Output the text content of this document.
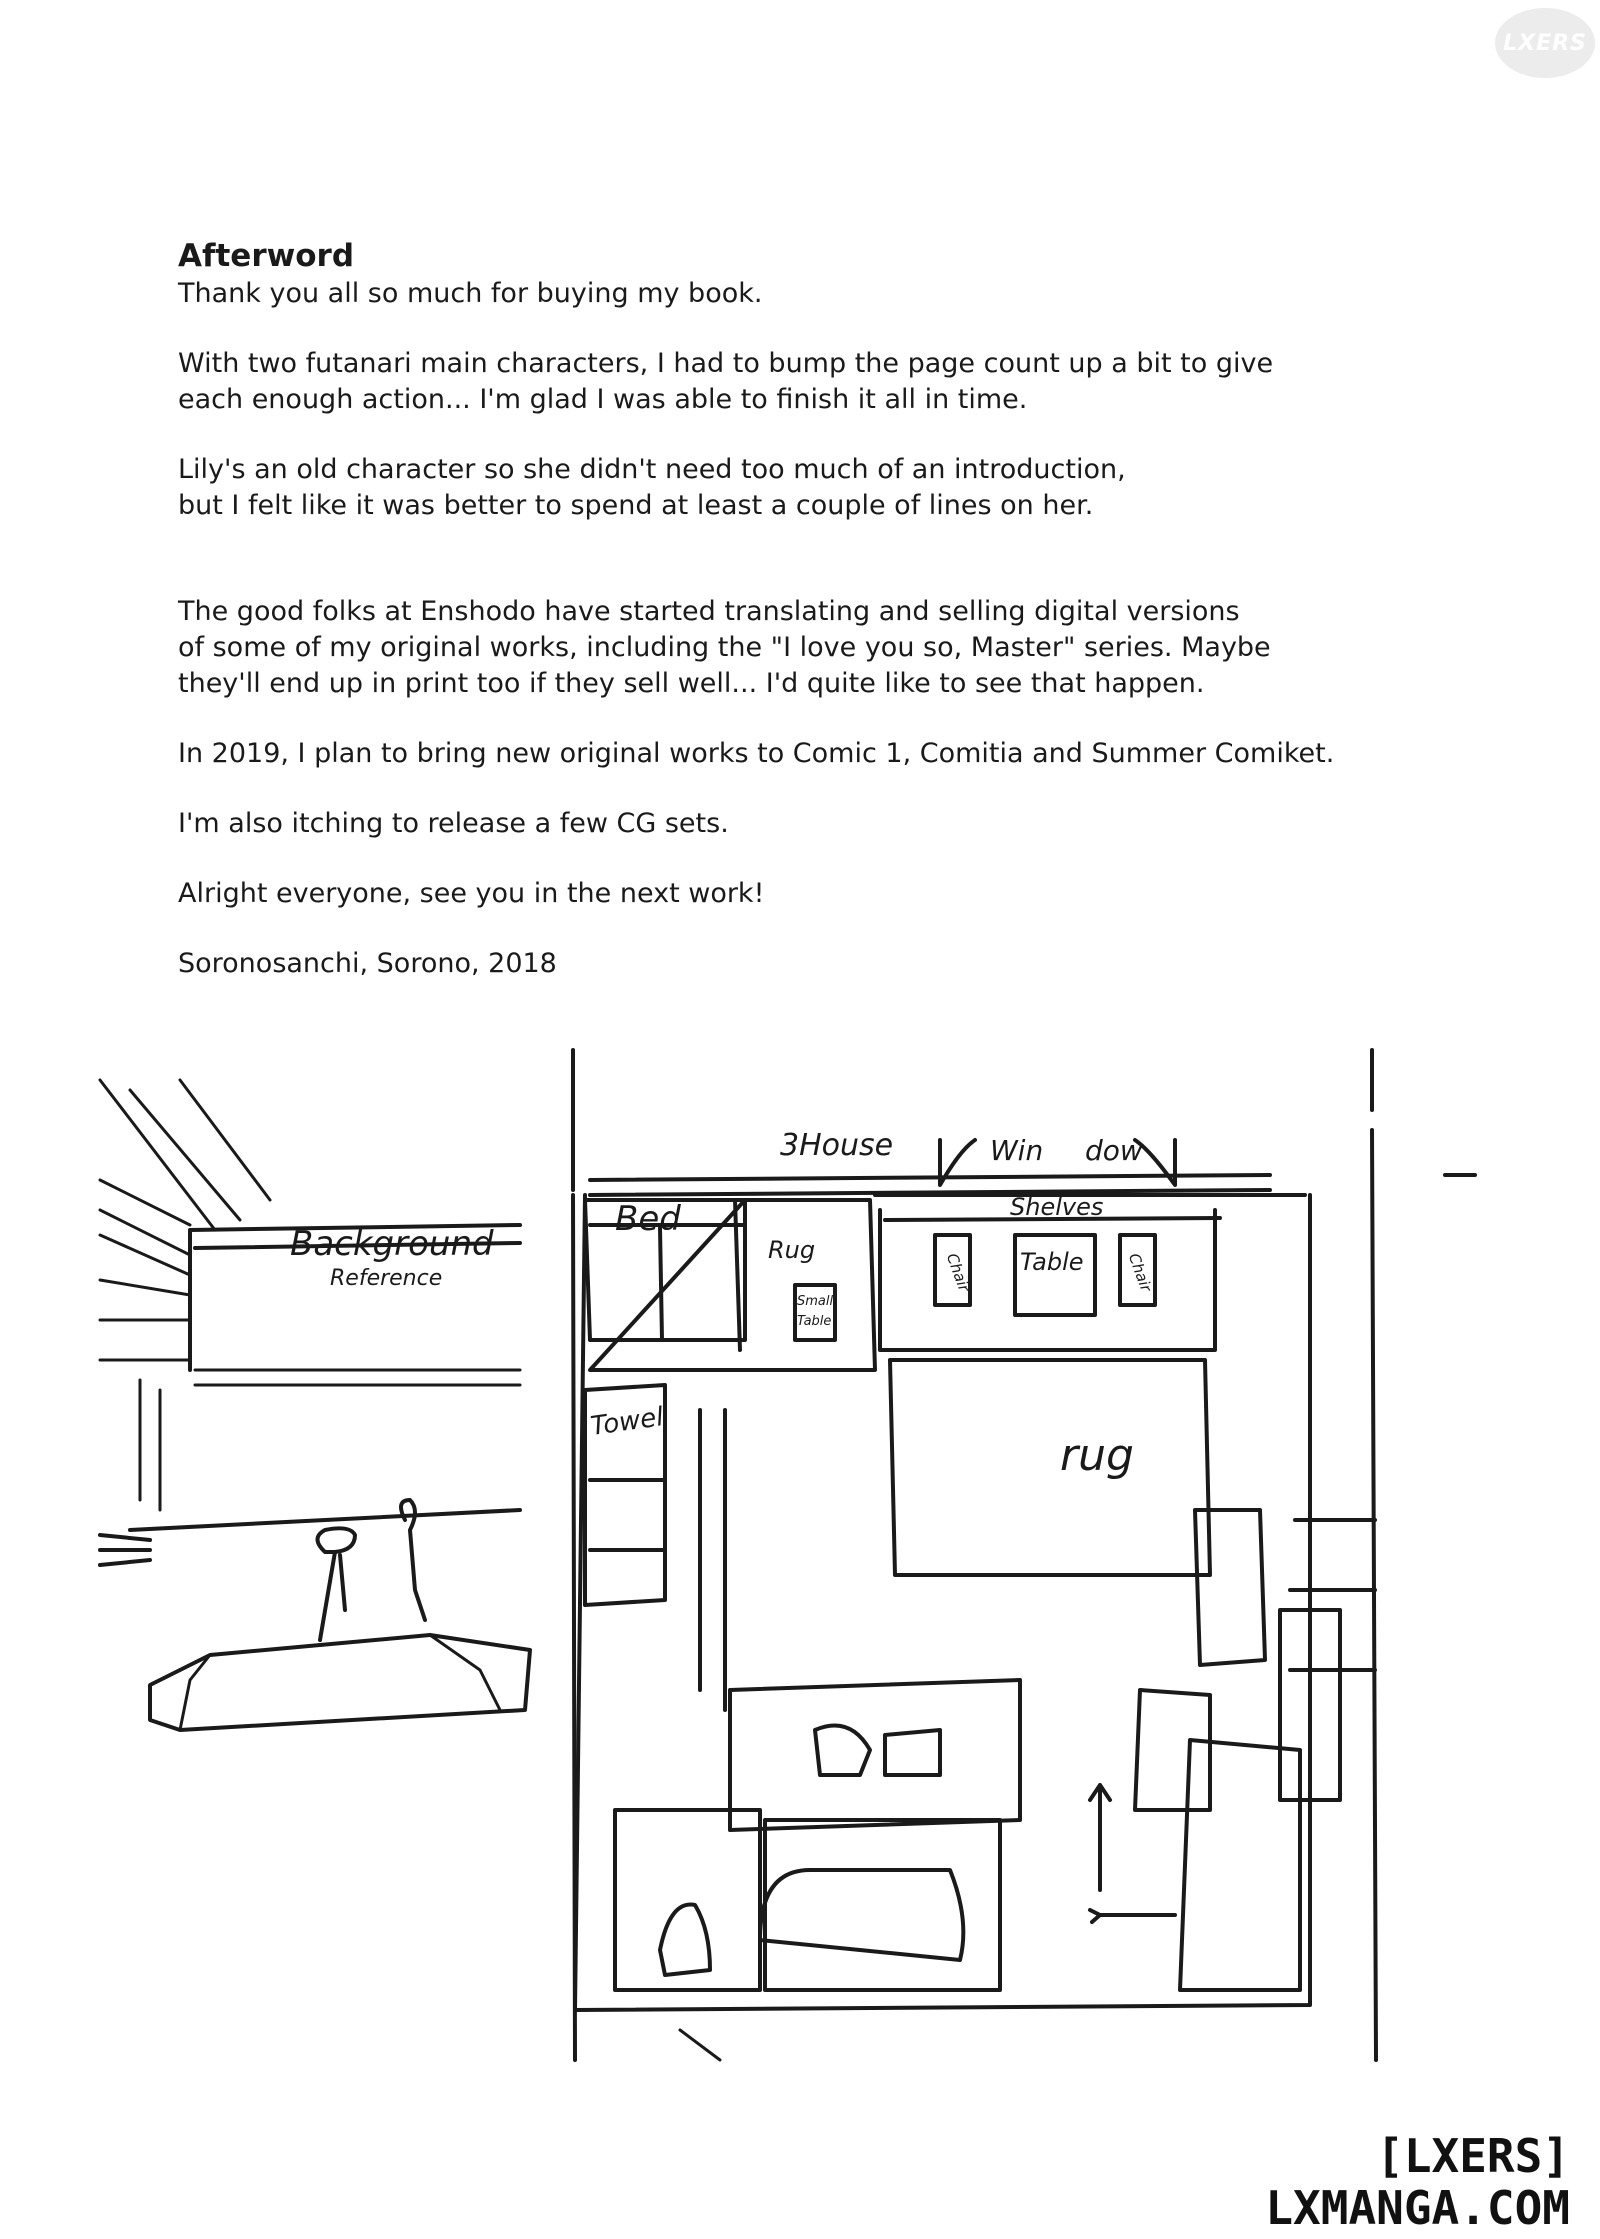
LXERS
Afterword

Thank you all so much for buying my book.

With two futanari main characters, I had to bump the page count up a bit to give
each enough action... I'm glad I was able to finish it all in time.

Lily's an old character so she didn't need too much of an introduction,
but I felt like it was better to spend at least a couple of lines on her.

The good folks at Enshodo have started translating and selling digital versions
of some of my original works, including the "I love you so, Master" series. Maybe
they'll end up in print too if they sell well... I'd quite like to see that happen.

In 2019, I plan to bring new original works to Comic 1, Comitia and Summer Comiket.

I'm also itching to release a few CG sets.

Alright everyone, see you in the next work!

Soronosanchi, Sorono, 2018

Background
Reference
Bed
Rug
Small
Table
3House	Win dow
Shelves
Chair Table	Chair
rug
Towel
[LXERS]
LXMANGA.COM
